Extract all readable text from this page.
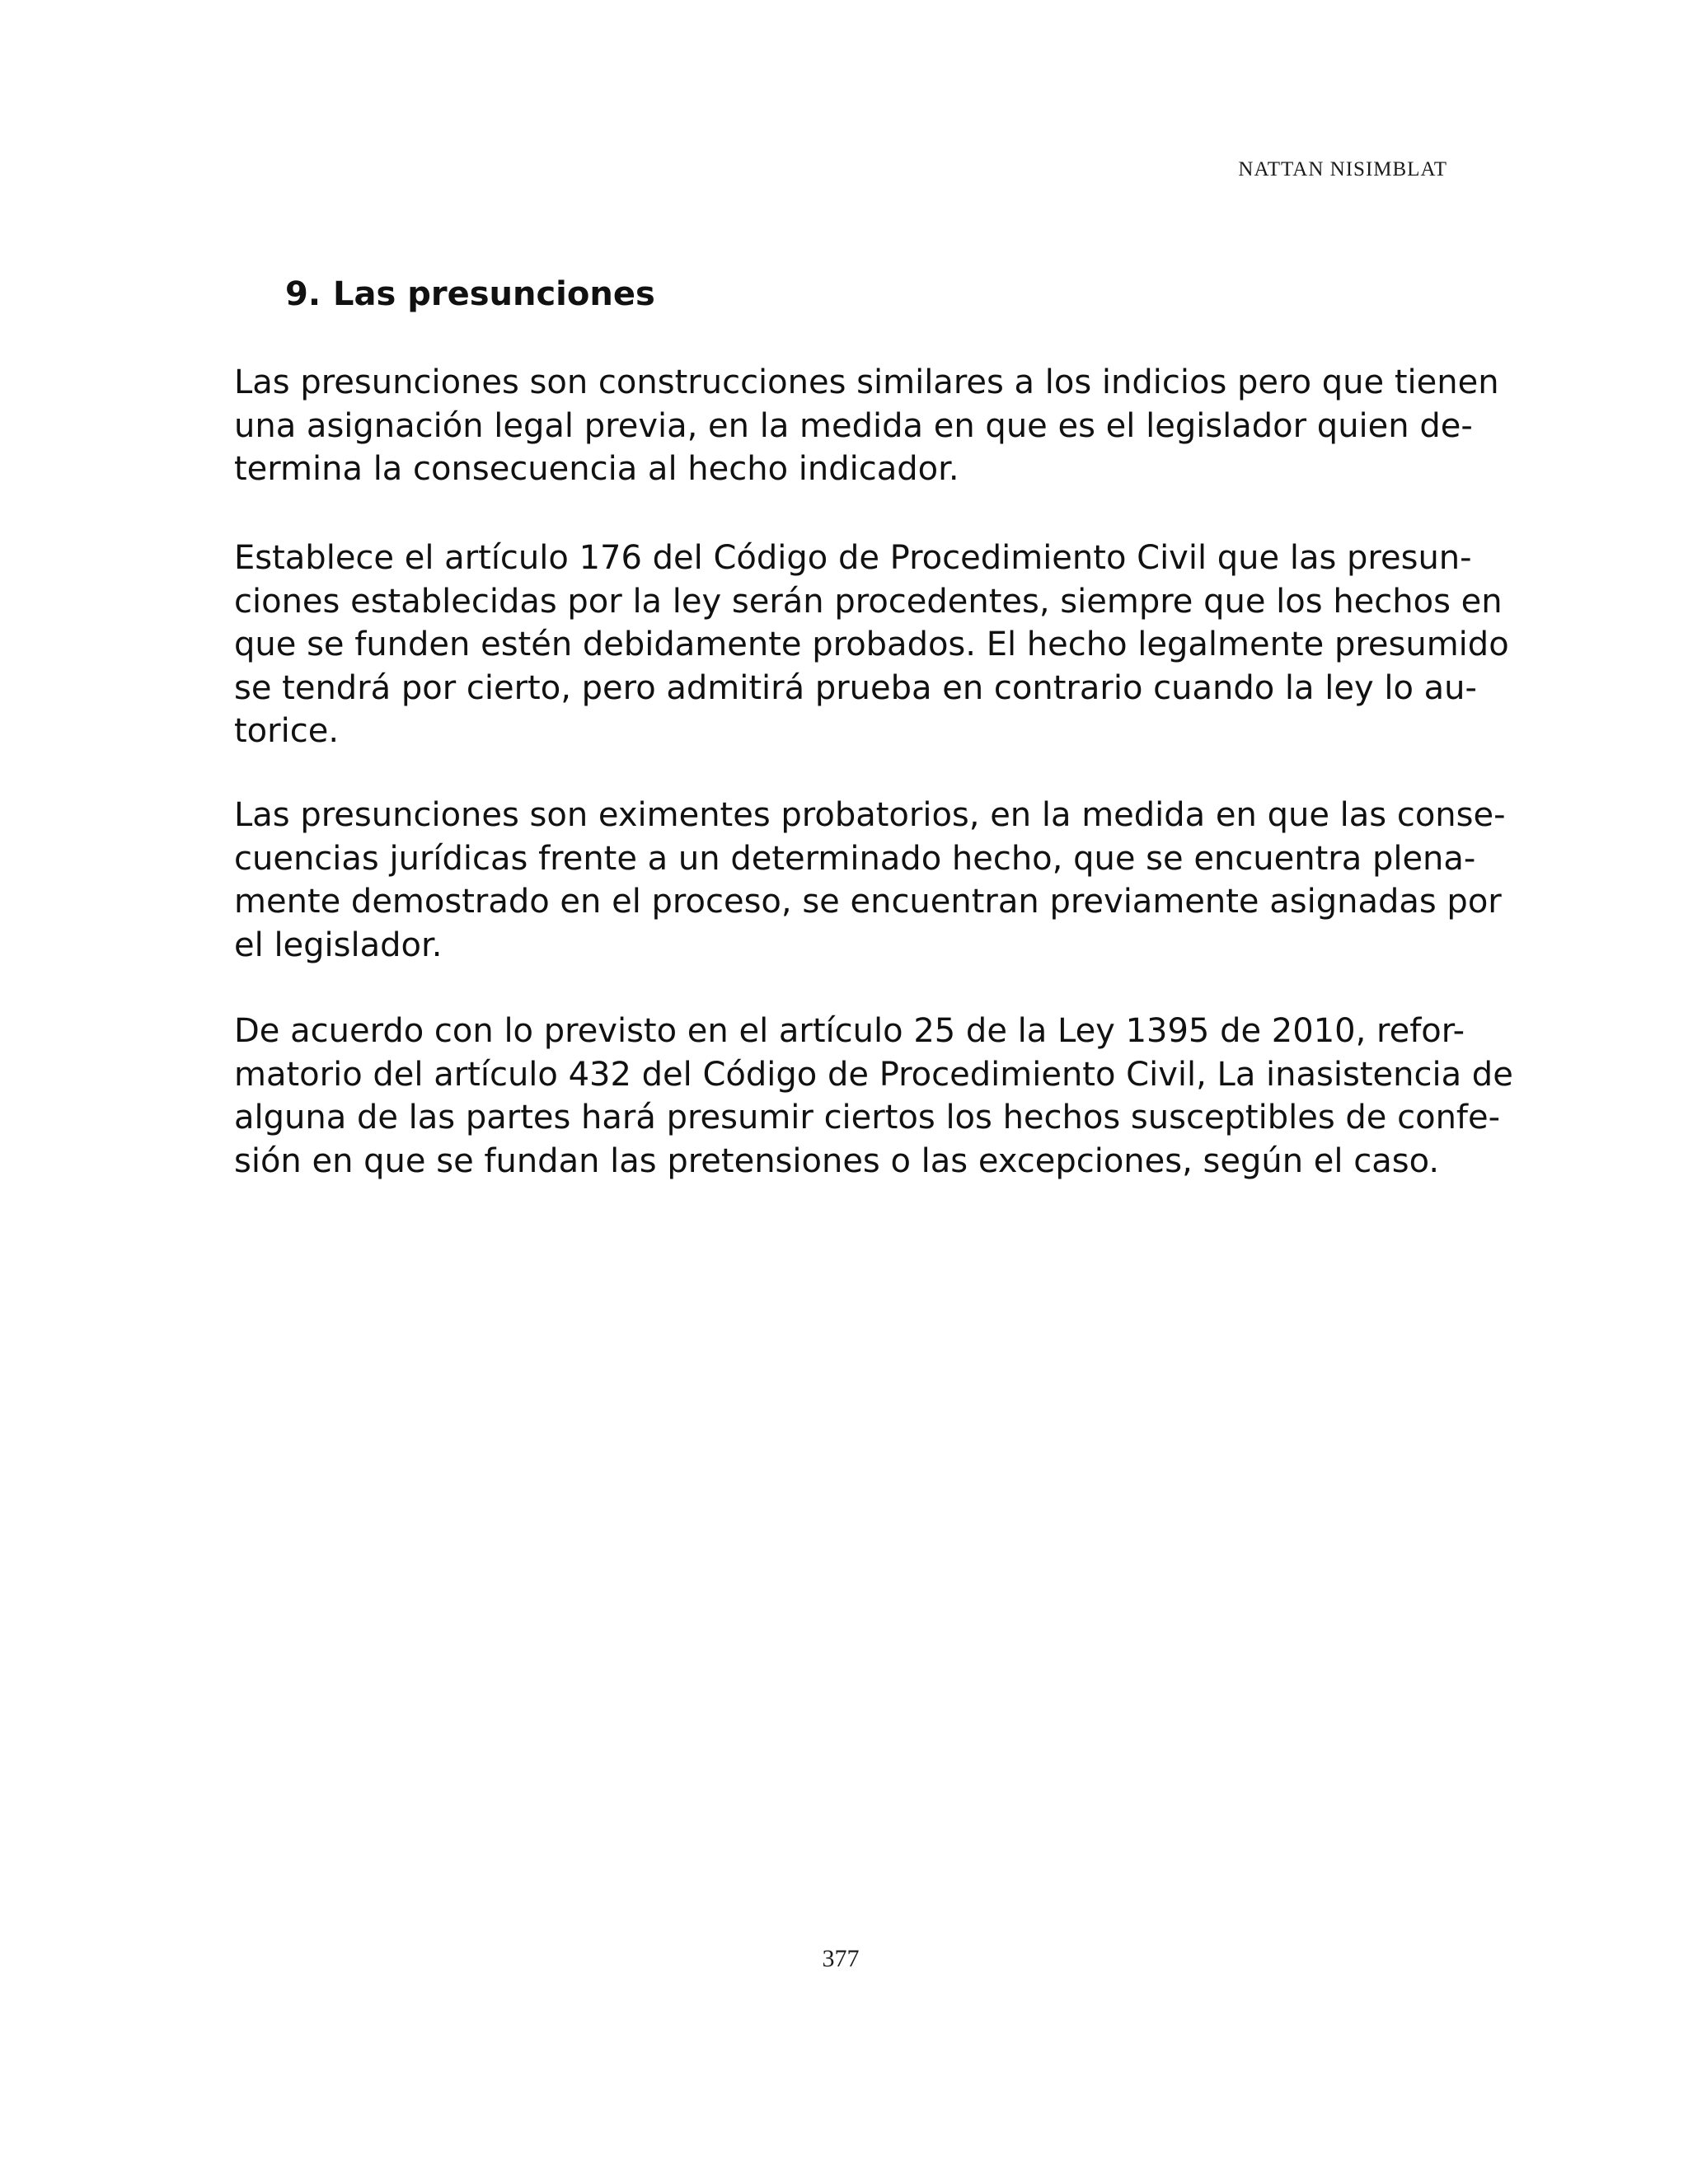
NATTAN NISIMBLAT
9. Las presunciones

Las presunciones son construcciones similares a los indicios pero que tienen
una asignación legal previa, en la medida en que es el legislador quien de-
termina la consecuencia al hecho indicador.

Establece el artículo 176 del Código de Procedimiento Civil que las presun-
ciones establecidas por la ley serán procedentes, siempre que los hechos en
que se funden estén debidamente probados. El hecho legalmente presumido
se tendrá por cierto, pero admitirá prueba en contrario cuando la ley lo au-
torice.

Las presunciones son eximentes probatorios, en la medida en que las conse-
cuencias jurídicas frente a un determinado hecho, que se encuentra plena-
mente demostrado en el proceso, se encuentran previamente asignadas por
el legislador.

De acuerdo con lo previsto en el artículo 25 de la Ley 1395 de 2010, refor-
matorio del artículo 432 del Código de Procedimiento Civil, La inasistencia de
alguna de las partes hará presumir ciertos los hechos susceptibles de confe-
sión en que se fundan las pretensiones o las excepciones, según el caso.

377
